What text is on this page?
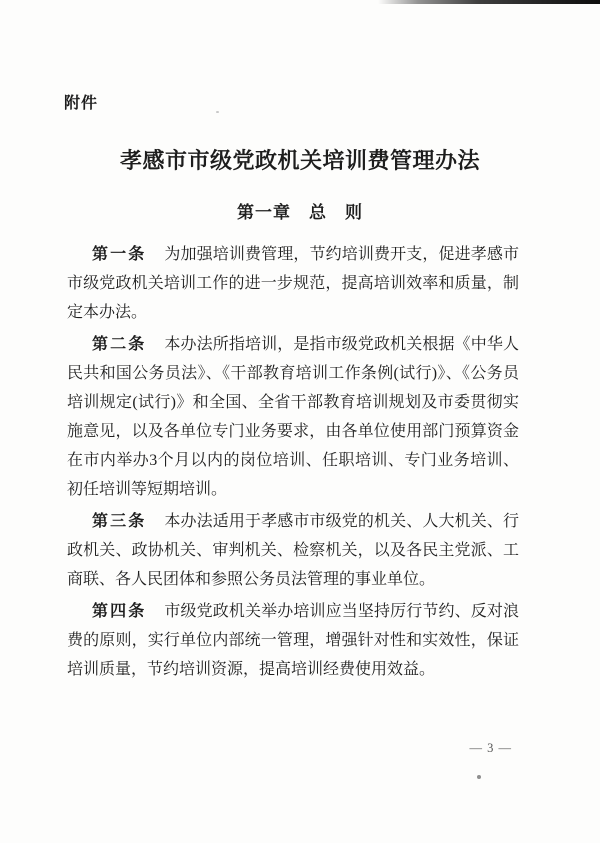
附件
孝感市市级党政机关培训费管理办法
第一章　总　则

第一条 为加强培训费管理，节约培训费开支，促进孝感市市级党政机关培训工作的进一步规范，提高培训效率和质量，制定本办法。

第二条 本办法所指培训，是指市级党政机关根据《中华人民共和国公务员法》、《干部教育培训工作条例(试行)》、《公务员培训规定(试行)》和全国、全省干部教育培训规划及市委贯彻实施意见，以及各单位专门业务要求，由各单位使用部门预算资金在市内举办3个月以内的岗位培训、任职培训、专门业务培训、初任培训等短期培训。

第三条 本办法适用于孝感市市级党的机关、人大机关、行政机关、政协机关、审判机关、检察机关，以及各民主党派、工商联、各人民团体和参照公务员法管理的事业单位。

第四条 市级党政机关举办培训应当坚持厉行节约、反对浪费的原则，实行单位内部统一管理，增强针对性和实效性，保证培训质量，节约培训资源，提高培训经费使用效益。

— 3 —
